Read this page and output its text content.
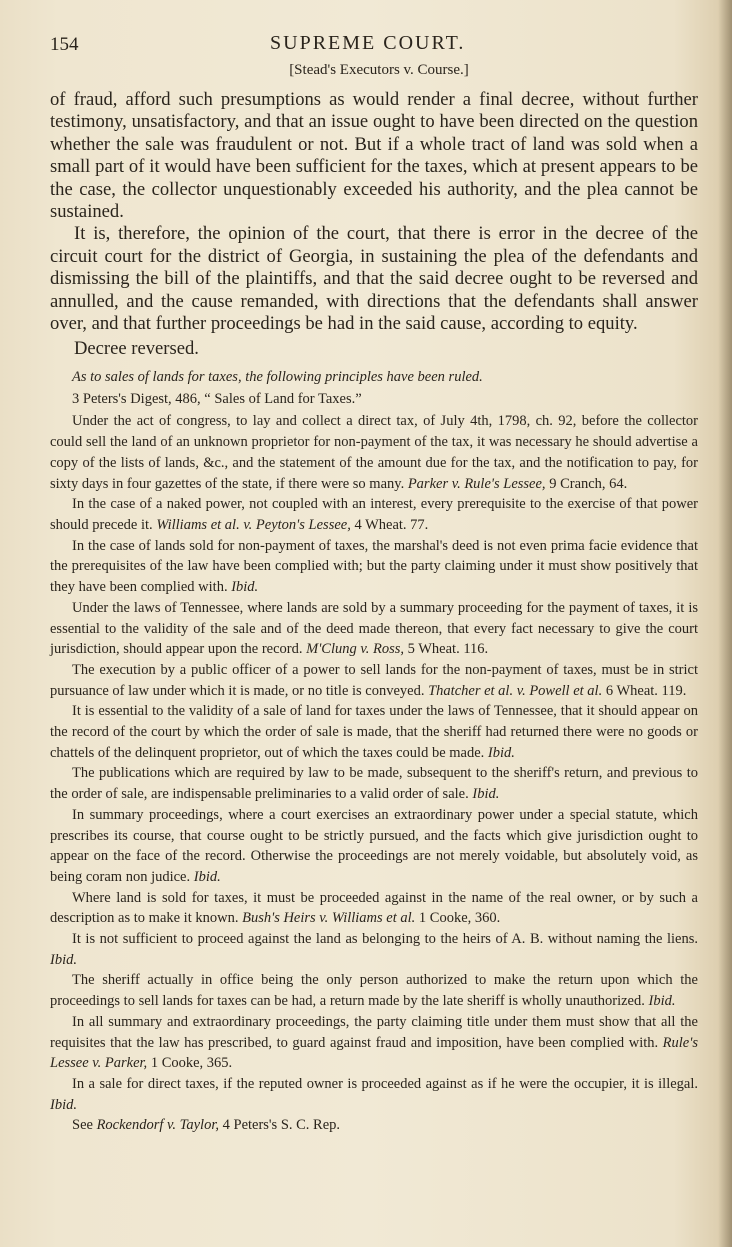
154	SUPREME COURT.
[Stead's Executors v. Course.]

of fraud, afford such presumptions as would render a final decree, without further testimony, unsatisfactory, and that an issue ought to have been directed on the question whether the sale was fraudulent or not. But if a whole tract of land was sold when a small part of it would have been sufficient for the taxes, which at present appears to be the case, the collector unquestionably exceeded his authority, and the plea cannot be sustained.

It is, therefore, the opinion of the court, that there is error in the decree of the circuit court for the district of Georgia, in sustaining the plea of the defendants and dismissing the bill of the plaintiffs, and that the said decree ought to be reversed and annulled, and the cause remanded, with directions that the defendants shall answer over, and that further proceedings be had in the said cause, according to equity.

Decree reversed.
As to sales of lands for taxes, the following principles have been ruled.
3 Peters's Digest, 486, “ Sales of Land for Taxes.”

Under the act of congress, to lay and collect a direct tax, of July 4th, 1798, ch. 92, before the collector could sell the land of an unknown proprietor for non-payment of the tax, it was necessary he should advertise a copy of the lists of lands, &c., and the statement of the amount due for the tax, and the notification to pay, for sixty days in four gazettes of the state, if there were so many. Parker v. Rule's Lessee, 9 Cranch, 64.

In the case of a naked power, not coupled with an interest, every prerequisite to the exercise of that power should precede it. Williams et al. v. Peyton's Lessee, 4 Wheat. 77.

In the case of lands sold for non-payment of taxes, the marshal's deed is not even prima facie evidence that the prerequisites of the law have been complied with; but the party claiming under it must show positively that they have been complied with. Ibid.

Under the laws of Tennessee, where lands are sold by a summary proceeding for the payment of taxes, it is essential to the validity of the sale and of the deed made thereon, that every fact necessary to give the court jurisdiction, should appear upon the record. M'Clung v. Ross, 5 Wheat. 116.

The execution by a public officer of a power to sell lands for the non-payment of taxes, must be in strict pursuance of law under which it is made, or no title is conveyed. Thatcher et al. v. Powell et al. 6 Wheat. 119.

It is essential to the validity of a sale of land for taxes under the laws of Tennessee, that it should appear on the record of the court by which the order of sale is made, that the sheriff had returned there were no goods or chattels of the delinquent proprietor, out of which the taxes could be made. Ibid.

The publications which are required by law to be made, subsequent to the sheriff's return, and previous to the order of sale, are indispensable preliminaries to a valid order of sale. Ibid.

In summary proceedings, where a court exercises an extraordinary power under a special statute, which prescribes its course, that course ought to be strictly pursued, and the facts which give jurisdiction ought to appear on the face of the record. Otherwise the proceedings are not merely voidable, but absolutely void, as being coram non judice. Ibid.

Where land is sold for taxes, it must be proceeded against in the name of the real owner, or by such a description as to make it known. Bush's Heirs v. Williams et al. 1 Cooke, 360.

It is not sufficient to proceed against the land as belonging to the heirs of A. B. without naming the liens. Ibid.

The sheriff actually in office being the only person authorized to make the return upon which the proceedings to sell lands for taxes can be had, a return made by the late sheriff is wholly unauthorized. Ibid.

In all summary and extraordinary proceedings, the party claiming title under them must show that all the requisites that the law has prescribed, to guard against fraud and imposition, have been complied with. Rule's Lessee v. Parker, 1 Cooke, 365.

In a sale for direct taxes, if the reputed owner is proceeded against as if he were the occupier, it is illegal. Ibid.

See Rockendorf v. Taylor, 4 Peters's S. C. Rep.
